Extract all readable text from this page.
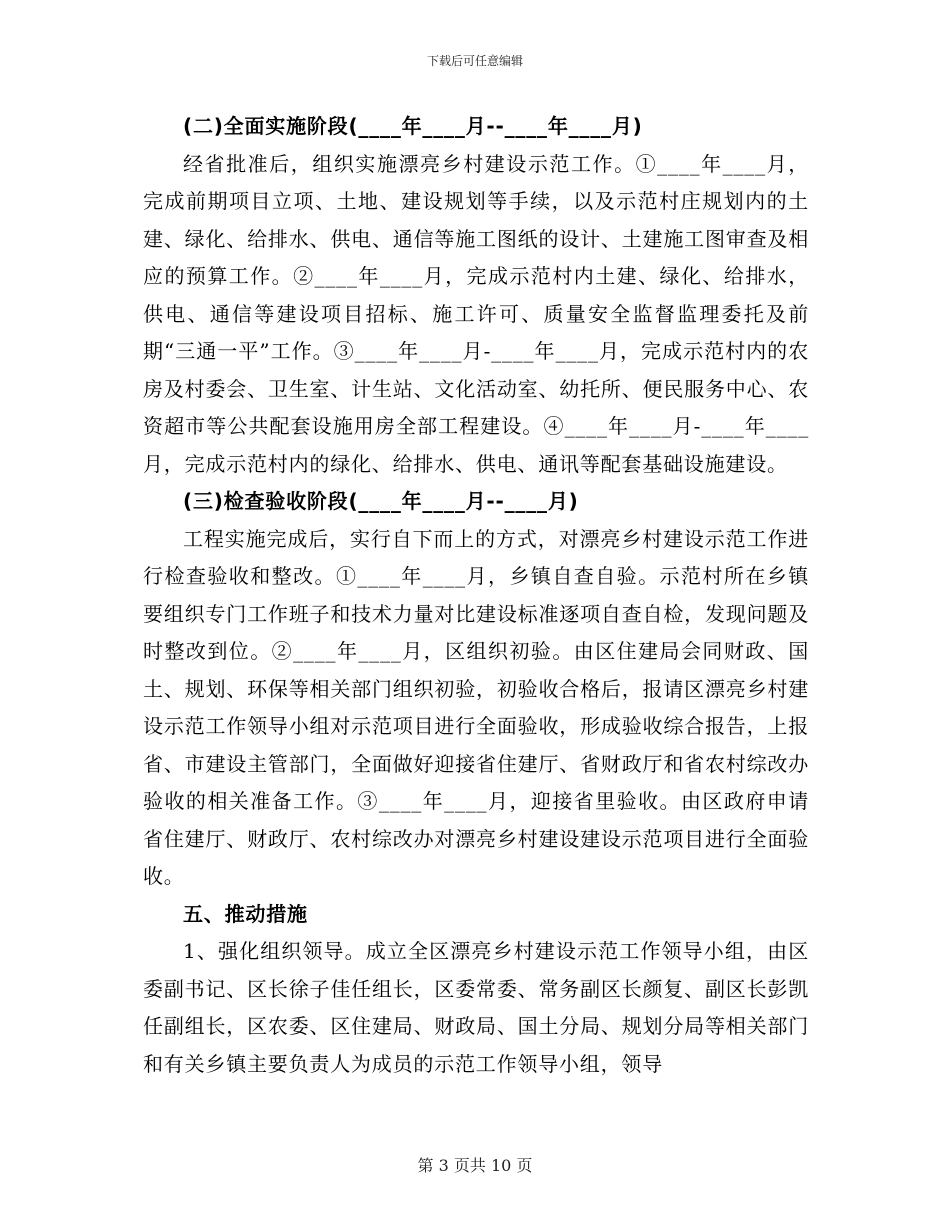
下载后可任意编辑

(二)全面实施阶段(____年____月--____年____月)

经省批准后，组织实施漂亮乡村建设示范工作。①____年____月，完成前期项目立项、土地、建设规划等手续，以及示范村庄规划内的土建、绿化、给排水、供电、通信等施工图纸的设计、土建施工图审查及相应的预算工作。②____年____月，完成示范村内土建、绿化、给排水，供电、通信等建设项目招标、施工许可、质量安全监督监理委托及前期“三通一平”工作。③____年____月-____年____月，完成示范村内的农房及村委会、卫生室、计生站、文化活动室、幼托所、便民服务中心、农资超市等公共配套设施用房全部工程建设。④____年____月-____年____月，完成示范村内的绿化、给排水、供电、通讯等配套基础设施建设。

(三)检查验收阶段(____年____月--____月)

工程实施完成后，实行自下而上的方式，对漂亮乡村建设示范工作进行检查验收和整改。①____年____月，乡镇自查自验。示范村所在乡镇要组织专门工作班子和技术力量对比建设标准逐项自查自检，发现问题及时整改到位。②____年____月，区组织初验。由区住建局会同财政、国土、规划、环保等相关部门组织初验，初验收合格后，报请区漂亮乡村建设示范工作领导小组对示范项目进行全面验收，形成验收综合报告，上报省、市建设主管部门，全面做好迎接省住建厅、省财政厅和省农村综改办验收的相关准备工作。③____年____月，迎接省里验收。由区政府申请省住建厅、财政厅、农村综改办对漂亮乡村建设建设示范项目进行全面验收。

五、推动措施

1、强化组织领导。成立全区漂亮乡村建设示范工作领导小组，由区委副书记、区长徐子佳任组长，区委常委、常务副区长颜复、副区长彭凯任副组长，区农委、区住建局、财政局、国土分局、规划分局等相关部门和有关乡镇主要负责人为成员的示范工作领导小组，领导

第 3 页共 10 页
